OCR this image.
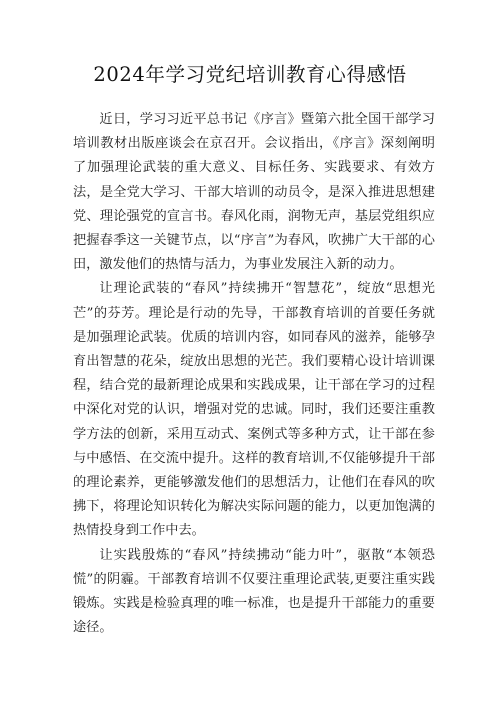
2024年学习党纪培训教育心得感悟

近日，学习习近平总书记《序言》暨第六批全国干部学习培训教材出版座谈会在京召开。会议指出，《序言》深刻阐明了加强理论武装的重大意义、目标任务、实践要求、有效方法，是全党大学习、干部大培训的动员令，是深入推进思想建党、理论强党的宣言书。春风化雨，润物无声，基层党组织应把握春季这一关键节点，以“序言”为春风，吹拂广大干部的心田，激发他们的热情与活力，为事业发展注入新的动力。

让理论武装的“春风”持续拂开“智慧花”，绽放“思想光芒”的芬芳。理论是行动的先导，干部教育培训的首要任务就是加强理论武装。优质的培训内容，如同春风的滋养，能够孕育出智慧的花朵，绽放出思想的光芒。我们要精心设计培训课程，结合党的最新理论成果和实践成果，让干部在学习的过程中深化对党的认识，增强对党的忠诚。同时，我们还要注重教学方法的创新，采用互动式、案例式等多种方式，让干部在参与中感悟、在交流中提升。这样的教育培训,不仅能够提升干部的理论素养，更能够激发他们的思想活力，让他们在春风的吹拂下，将理论知识转化为解决实际问题的能力，以更加饱满的热情投身到工作中去。

让实践殷炼的“春风”持续拂动“能力叶”，驱散“本领恐慌”的阴霾。干部教育培训不仅要注重理论武装,更要注重实践锻炼。实践是检验真理的唯一标准，也是提升干部能力的重要途径。
